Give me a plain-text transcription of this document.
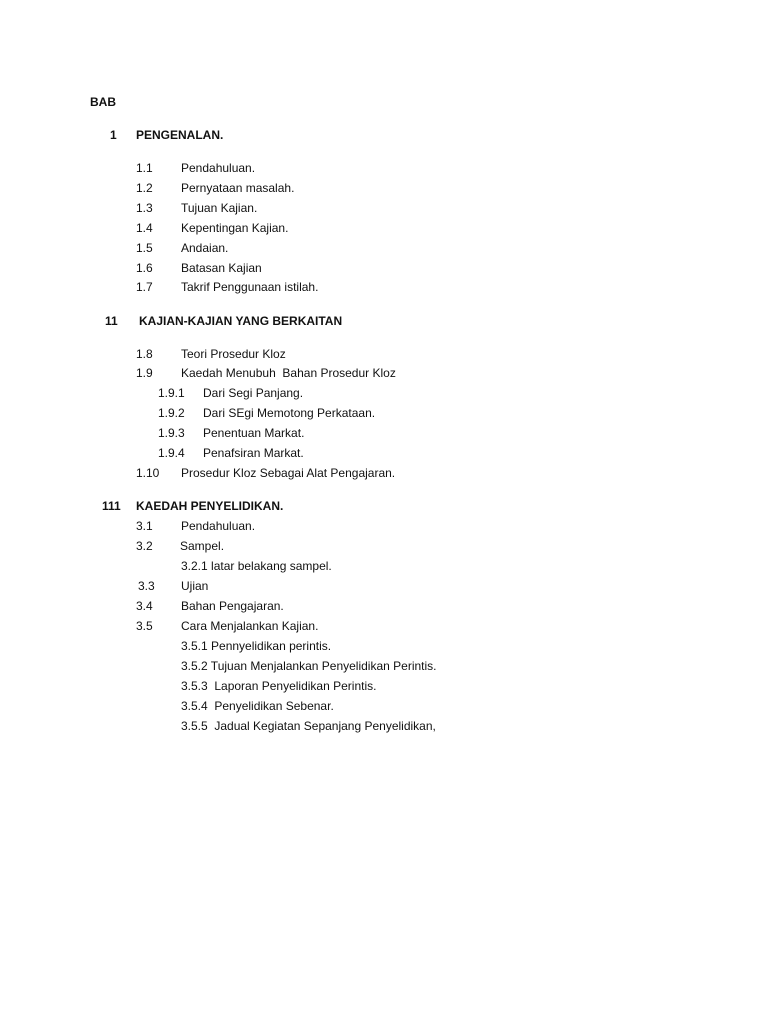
BAB
1 PENGENALAN.
1.1 Pendahuluan.
1.2 Pernyataan masalah.
1.3 Tujuan Kajian.
1.4 Kepentingan Kajian.
1.5 Andaian.
1.6 Batasan Kajian
1.7 Takrif Penggunaan istilah.
11 KAJIAN-KAJIAN YANG BERKAITAN
1.8 Teori Prosedur Kloz
1.9 Kaedah Menubuh  Bahan Prosedur Kloz
1.9.1 Dari Segi Panjang.
1.9.2 Dari SEgi Memotong Perkataan.
1.9.3 Penentuan Markat.
1.9.4 Penafsiran Markat.
1.10 Prosedur Kloz Sebagai Alat Pengajaran.
111 KAEDAH PENYELIDIKAN.
3.1 Pendahuluan.
3.2 Sampel.
3.2.1 latar belakang sampel.
3.3 Ujian
3.4 Bahan Pengajaran.
3.5 Cara Menjalankan Kajian.
3.5.1 Pennyelidikan perintis.
3.5.2 Tujuan Menjalankan Penyelidikan Perintis.
3.5.3  Laporan Penyelidikan Perintis.
3.5.4  Penyelidikan Sebenar.
3.5.5  Jadual Kegiatan Sepanjang Penyelidikan,
